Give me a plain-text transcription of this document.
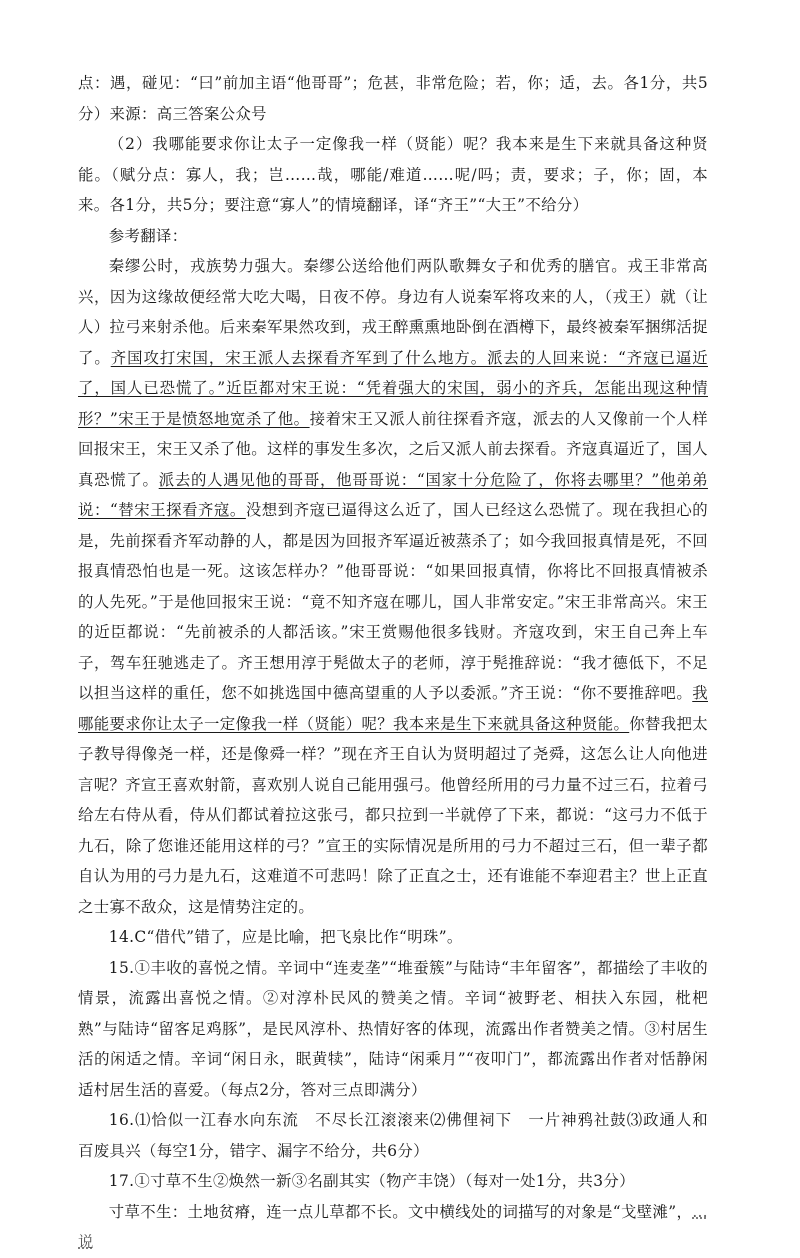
点：遇，碰见：“曰”前加主语“他哥哥”；危甚，非常危险；若，你；适，去。各1分，共5分）来源：高三答案公众号

（2）我哪能要求你让太子一定像我一样（贤能）呢？我本来是生下来就具备这种贤能。（赋分点：寡人，我；岂……哉，哪能/难道……呢/吗；责，要求；子，你；固，本来。各1分，共5分；要注意“寡人”的情境翻译，译“齐王”“大王”不给分）

参考翻译：

秦缪公时，戎族势力强大。秦缪公送给他们两队歌舞女子和优秀的膳官。戎王非常高兴，因为这缘故便经常大吃大喝，日夜不停。身边有人说秦军将攻来的人，（戎王）就（让人）拉弓来射杀他。后来秦军果然攻到，戎王醉熏熏地卧倒在酒樽下，最终被秦军捆绑活捉了。齐国攻打宋国，宋王派人去探看齐军到了什么地方。派去的人回来说：“齐寇已逼近了，国人已恐慌了。”近臣都对宋王说：“凭着强大的宋国，弱小的齐兵，怎能出现这种情形？”宋王于是愤怒地宽杀了他。接着宋王又派人前往探看齐寇，派去的人又像前一个人样回报宋王，宋王又杀了他。这样的事发生多次，之后又派人前去探看。齐寇真逼近了，国人真恐慌了。派去的人遇见他的哥哥，他哥哥说：“国家十分危险了，你将去哪里？”他弟弟说：“替宋王探看齐寇。没想到齐寇已逼得这么近了，国人已经这么恐慌了。现在我担心的是，先前探看齐军动静的人，都是因为回报齐军逼近被蒸杀了；如今我回报真情是死，不回报真情恐怕也是一死。这该怎样办？”他哥哥说：“如果回报真情，你将比不回报真情被杀的人先死。”于是他回报宋王说：“竟不知齐寇在哪儿，国人非常安定。”宋王非常高兴。宋王的近臣都说：“先前被杀的人都活该。”宋王赏赐他很多钱财。齐寇攻到，宋王自己奔上车子，驾车狂驰逃走了。齐王想用淳于髡做太子的老师，淳于髡推辞说：“我才德低下，不足以担当这样的重任，您不如挑选国中德高望重的人予以委派。”齐王说：“你不要推辞吧。我哪能要求你让太子一定像我一样（贤能）呢？我本来是生下来就具备这种贤能。你替我把太子教导得像尧一样，还是像舜一样？”现在齐王自认为贤明超过了尧舜，这怎么让人向他进言呢？齐宣王喜欢射箭，喜欢别人说自己能用强弓。他曾经所用的弓力量不过三石，拉着弓给左右侍从看，侍从们都试着拉这张弓，都只拉到一半就停了下来，都说：“这弓力不低于九石，除了您谁还能用这样的弓？”宣王的实际情况是所用的弓力不超过三石，但一辈子都自认为用的弓力是九石，这难道不可悲吗！除了正直之士，还有谁能不奉迎君主？世上正直之士寡不敌众，这是情势注定的。

14.C“借代”错了，应是比喻，把飞泉比作“明珠”。

15.①丰收的喜悦之情。辛词中“连麦垄”“堆蚕簇”与陆诗“丰年留客”，都描绘了丰收的情景，流露出喜悦之情。②对淳朴民风的赞美之情。辛词“被野老、相扶入东园，枇杷熟”与陆诗“留客足鸡豚”，是民风淳朴、热情好客的体现，流露出作者赞美之情。③村居生活的闲适之情。辛词“闲日永，眠黄犊”，陆诗“闲乘月”“夜叩门”，都流露出作者对恬静闲适村居生活的喜爱。（每点2分，答对三点即满分）

16.⑴恰似一江春水向东流　不尽长江滚滚来⑵佛俚祠下　一片神鸦社鼓⑶政通人和　百废具兴（每空1分，错字、漏字不给分，共6分）

17.①寸草不生②焕然一新③名副其实（物产丰饶）（每对一处1分，共3分）

寸草不生：土地贫瘠，连一点儿草都不长。文中横线处的词描写的对象是“戈壁滩”，…说
